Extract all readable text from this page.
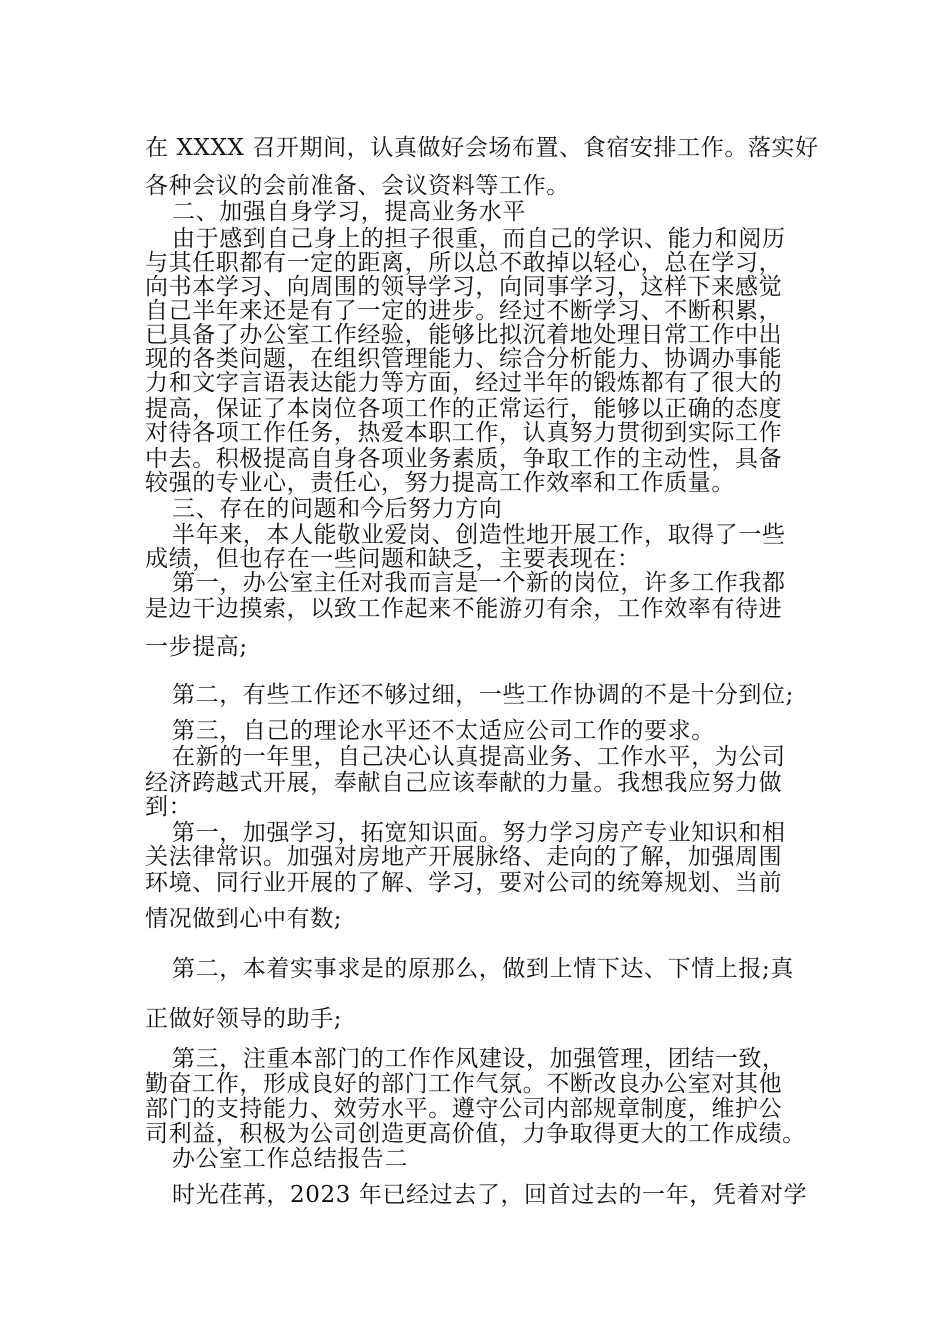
在 XXXX 召开期间，认真做好会场布置、食宿安排工作。落实好
各种会议的会前准备、会议资料等工作。
二、加强自身学习，提高业务水平
由于感到自己身上的担子很重，而自己的学识、能力和阅历
与其任职都有一定的距离，所以总不敢掉以轻心，总在学习，
向书本学习、向周围的领导学习，向同事学习，这样下来感觉
自己半年来还是有了一定的进步。经过不断学习、不断积累，
已具备了办公室工作经验，能够比拟沉着地处理日常工作中出
现的各类问题，在组织管理能力、综合分析能力、协调办事能
力和文字言语表达能力等方面，经过半年的锻炼都有了很大的
提高，保证了本岗位各项工作的正常运行，能够以正确的态度
对待各项工作任务，热爱本职工作，认真努力贯彻到实际工作
中去。积极提高自身各项业务素质，争取工作的主动性，具备
较强的专业心，责任心，努力提高工作效率和工作质量。
三、存在的问题和今后努力方向
半年来，本人能敬业爱岗、创造性地开展工作，取得了一些
成绩，但也存在一些问题和缺乏，主要表现在：
第一，办公室主任对我而言是一个新的岗位，许多工作我都
是边干边摸索，以致工作起来不能游刃有余，工作效率有待进
一步提高;
第二，有些工作还不够过细，一些工作协调的不是十分到位;
第三，自己的理论水平还不太适应公司工作的要求。
在新的一年里，自己决心认真提高业务、工作水平，为公司
经济跨越式开展，奉献自己应该奉献的力量。我想我应努力做
到：
第一，加强学习，拓宽知识面。努力学习房产专业知识和相
关法律常识。加强对房地产开展脉络、走向的了解，加强周围
环境、同行业开展的了解、学习，要对公司的统筹规划、当前
情况做到心中有数;
第二，本着实事求是的原那么，做到上情下达、下情上报;真
正做好领导的助手;
第三，注重本部门的工作作风建设，加强管理，团结一致，
勤奋工作，形成良好的部门工作气氛。不断改良办公室对其他
部门的支持能力、效劳水平。遵守公司内部规章制度，维护公
司利益，积极为公司创造更高价值，力争取得更大的工作成绩。
办公室工作总结报告二
时光荏苒，2023 年已经过去了，回首过去的一年，凭着对学
